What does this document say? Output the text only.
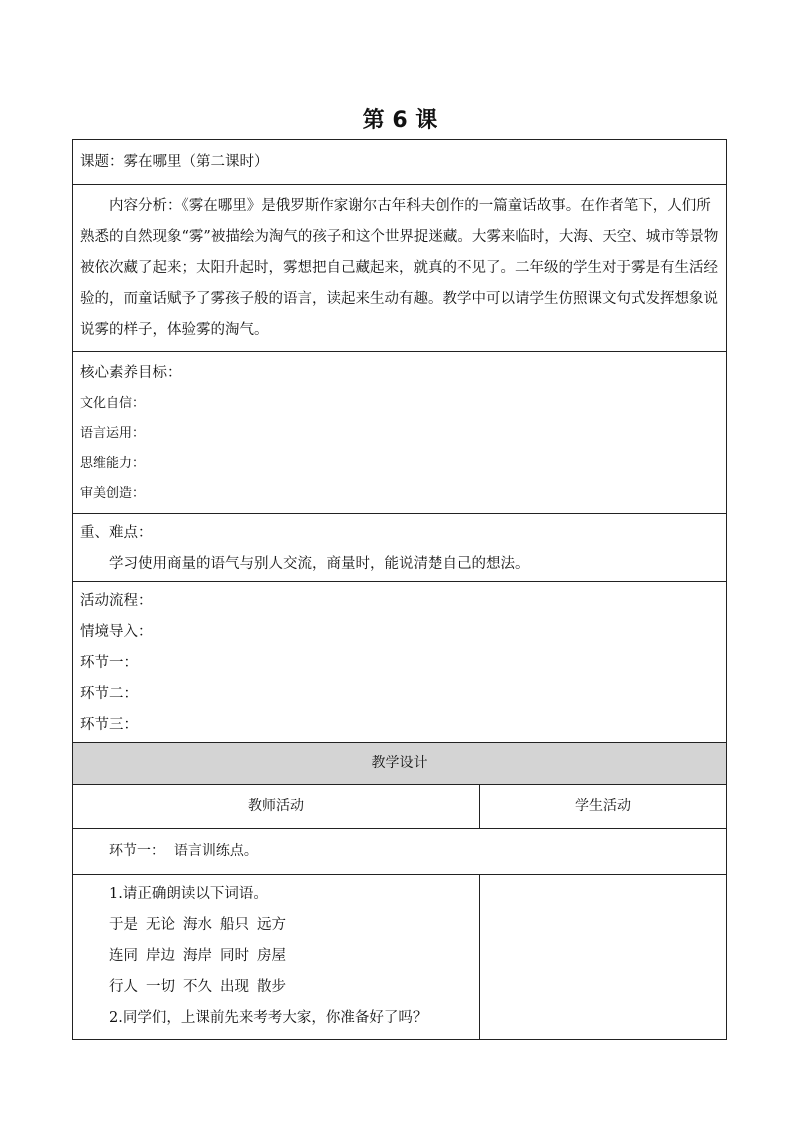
第 6 课
课题：雾在哪里（第二课时）	
内容分析：《雾在哪里》是俄罗斯作家谢尔古年科夫创作的一篇童话故事。在作者笔下，人们所熟悉的自然现象“雾”被描绘为淘气的孩子和这个世界捉迷藏。大雾来临时，大海、天空、城市等景物被依次藏了起来；太阳升起时，雾想把自己藏起来，就真的不见了。二年级的学生对于雾是有生活经验的，而童话赋予了雾孩子般的语言，读起来生动有趣。教学中可以请学生仿照课文句式发挥想象说说雾的样子，体验雾的淘气。	

核心素养目标：
文化自信：
语言运用：
思维能力：
审美创造：	

重、难点：
学习使用商量的语气与别人交流，商量时，能说清楚自己的想法。	

活动流程：
情境导入：
环节一：
环节二：
环节三：	

教学设计	
教师活动	学生活动
环节一：  语言训练点。	

1.请正确朗读以下词语。
于是 无论 海水 船只 远方
连同 岸边 海岸 同时 房屋
行人 一切 不久 出现 散步
2.同学们，上课前先来考考大家，你准备好了吗？	
